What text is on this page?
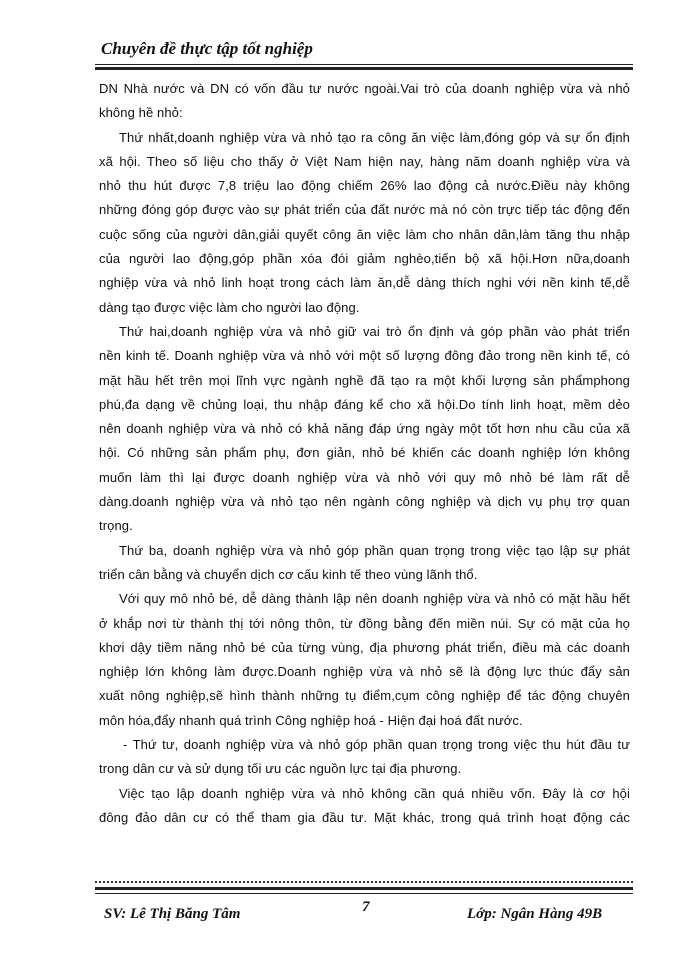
Chuyên đề thực tập tốt nghiệp
DN Nhà nước và DN có vốn đầu tư nước ngoài.Vai trò của doanh nghiệp vừa và nhỏ
không hề nhỏ:
Thứ nhất,doanh nghiệp vừa và nhỏ tạo ra công ăn việc làm,đóng góp và sự ổn định
xã hội. Theo số liệu cho thấy ở Việt Nam hiện nay, hàng năm doanh nghiệp vừa và
nhỏ thu hút được 7,8 triệu lao động chiếm 26% lao động cả nước.Điều này không
những đóng góp được vào sự phát triển của đất nước mà nó còn trực tiếp tác động đến
cuộc sống của người dân,giải quyết công ăn việc làm cho nhân dân,làm tăng thu nhập
của người lao động,góp phần xóa đói giảm nghèo,tiến bộ xã hội.Hơn nữa,doanh
nghiệp vừa và nhỏ linh hoạt trong cách làm ăn,dễ dàng thích nghi với nền kinh tế,dễ
dàng tạo được việc làm cho người lao động.
Thứ hai,doanh nghiệp vừa và nhỏ giữ vai trò ổn định và góp phần vào phát triển
nền kinh tế. Doanh nghiệp vừa và nhỏ với một số lượng đông đảo trong nền kinh tế, có
mặt hầu hết trên mọi lĩnh vực ngành nghề đã tạo ra một khối lượng sản phẩmphong
phú,đa dạng về chủng loại, thu nhập đáng kể cho xã hội.Do tính linh hoạt, mềm dẻo
nên doanh nghiệp vừa và nhỏ có khả năng đáp ứng ngày một tốt hơn nhu cầu của xã
hội. Có những sản phẩm phụ, đơn giản, nhỏ bé khiến các doanh nghiệp lớn không
muốn làm thì lại được doanh nghiệp vừa và nhỏ với quy mô nhỏ bé làm rất dễ
dàng.doanh nghiệp vừa và nhỏ tạo nên ngành công nghiệp và dịch vụ phụ trợ quan
trọng.
Thứ ba, doanh nghiệp vừa và nhỏ góp phần quan trọng trong việc tạo lập sự phát
triển cân bằng và chuyển dịch cơ cấu kinh tế theo vùng lãnh thổ.
Với quy mô nhỏ bé, dễ dàng thành lập nên doanh nghiệp vừa và nhỏ có mặt hầu hết
ở khắp nơi từ thành thị tới nông thôn, từ đồng bằng đến miền núi. Sự có mặt của họ
khơi dậy tiềm năng nhỏ bé của từng vùng, địa phương phát triển, điều mà các doanh
nghiệp lớn không làm được.Doanh nghiệp vừa và nhỏ sẽ là động lực thúc đẩy sản
xuất nông nghiệp,sẽ hình thành những tụ điểm,cụm công nghiệp để tác động chuyên
môn hóa,đẩy nhanh quá trình Công nghiệp hoá - Hiện đại hoá đất nước.
- Thứ tư, doanh nghiệp vừa và nhỏ góp phần quan trọng trong việc thu hút đầu tư
trong dân cư và sử dụng tối ưu các nguồn lực tại địa phương.
Việc tạo lập doanh nghiệp vừa và nhỏ không cần quá nhiều vốn. Đây là cơ hội
đông đảo dân cư có thể tham gia đầu tư. Mặt khác, trong quá trình hoạt động các
SV: Lê Thị Băng Tâm	7	Lớp: Ngân Hàng 49B
